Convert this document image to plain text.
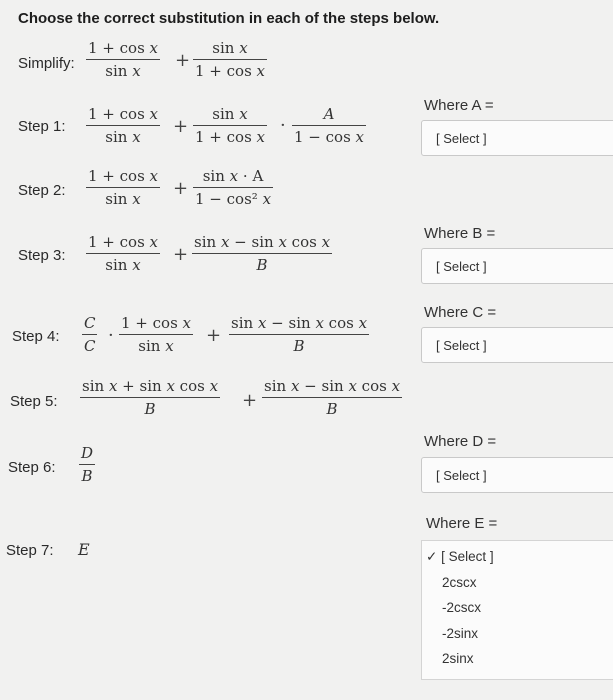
Choose the correct substitution in each of the steps below.
Simplify:
1 + cos x
sin x +
sin x
1 + cos x
Step 1:
1 + cos x
sin x +
sin x
1 + cos x
·
A
1 − cos x
Where A =
[ Select ]
Step 2:
1 + cos x
sin x +
sin x · A
1 − cos² x
Where B =
[ Select ]
Step 3:
1 + cos x
sin x +
sin x − sin x cos x
B
Step 4:
C
C ·
1 + cos x
sin x +
sin x − sin x cos x
B
Where C =
[ Select ]
Step 5:
sin x + sin x cos x
B	+
sin x − sin x cos x
B
Where D =
[ Select ]
Step 6:
D
B
Step 7: E
Where E =
✓ [ Select ]
2cscx
-2cscx
-2sinx
2sinx
